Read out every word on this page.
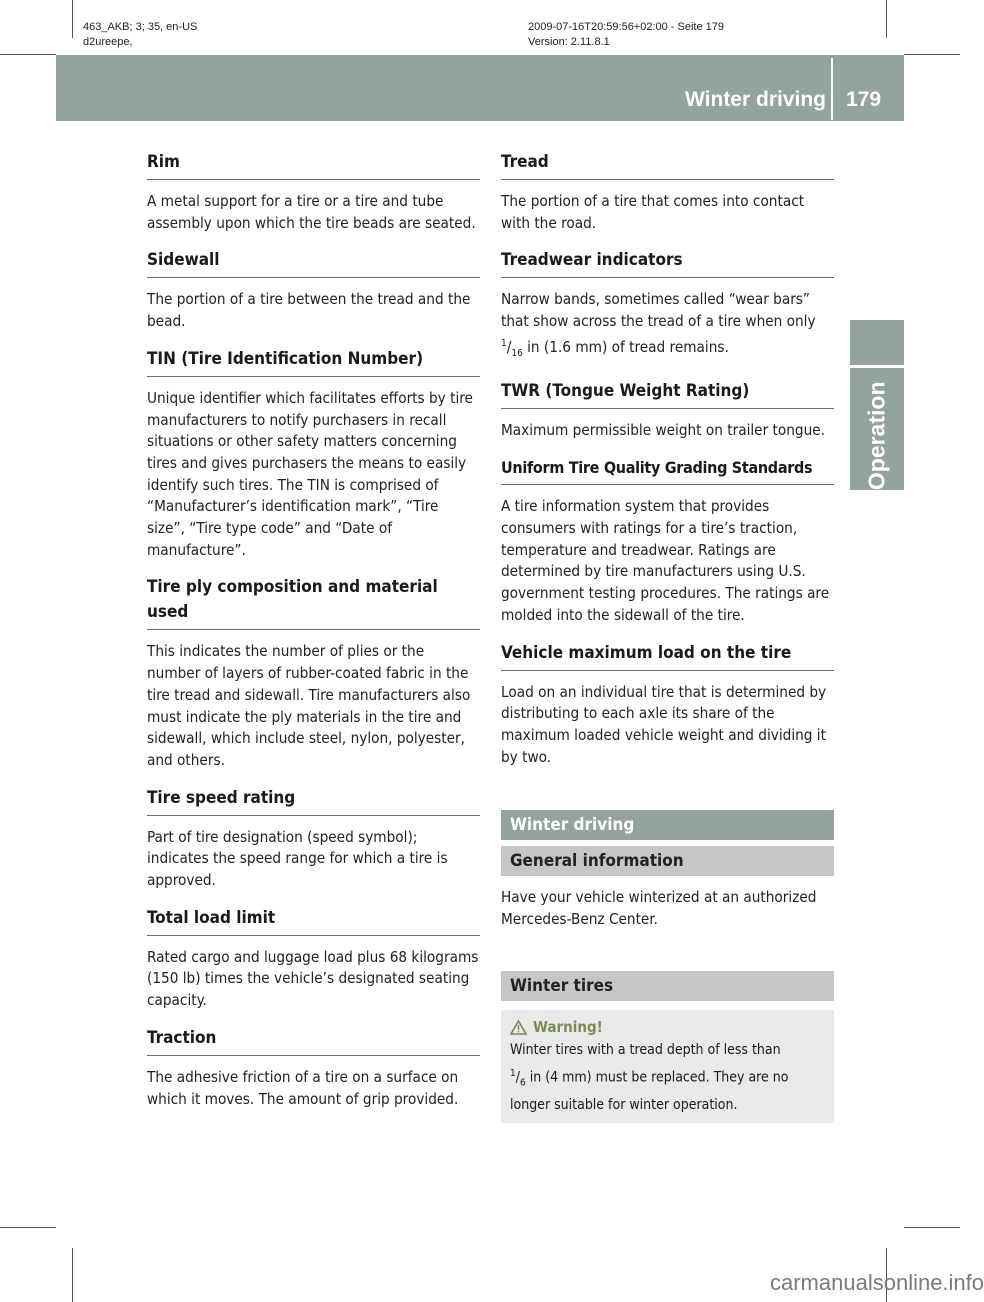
463_AKB; 3; 35, en-US
d2ureepe,
2009-07-16T20:59:56+02:00 - Seite 179
Version: 2.11.8.1
Winter driving 179
Operation
Rim

A metal support for a tire or a tire and tube assembly upon which the tire beads are seated.

Sidewall

The portion of a tire between the tread and the bead.

TIN (Tire Identification Number)

Unique identifier which facilitates efforts by tire manufacturers to notify purchasers in recall situations or other safety matters concerning tires and gives purchasers the means to easily identify such tires. The TIN is comprised of “Manufacturer’s identification mark”, “Tire size”, “Tire type code” and “Date of manufacture”.

Tire ply composition and material used

This indicates the number of plies or the number of layers of rubber-coated fabric in the tire tread and sidewall. Tire manufacturers also must indicate the ply materials in the tire and sidewall, which include steel, nylon, polyester, and others.

Tire speed rating

Part of tire designation (speed symbol); indicates the speed range for which a tire is approved.

Total load limit

Rated cargo and luggage load plus 68 kilograms (150 lb) times the vehicle’s designated seating capacity.

Traction

The adhesive friction of a tire on a surface on which it moves. The amount of grip provided.

Tread

The portion of a tire that comes into contact with the road.

Treadwear indicators

Narrow bands, sometimes called “wear bars” that show across the tread of a tire when only $^1/_{16}$ in (1.6 mm) of tread remains.

TWR (Tongue Weight Rating)

Maximum permissible weight on trailer tongue.

Uniform Tire Quality Grading Standards

A tire information system that provides consumers with ratings for a tire’s traction, temperature and treadwear. Ratings are determined by tire manufacturers using U.S. government testing procedures. The ratings are molded into the sidewall of the tire.

Vehicle maximum load on the tire

Load on an individual tire that is determined by distributing to each axle its share of the maximum loaded vehicle weight and dividing it by two.

Winter driving
General information

Have your vehicle winterized at an authorized Mercedes-Benz Center.

Winter tires
Warning!
Winter tires with a tread depth of less than
$^1/_6$ in (4 mm) must be replaced. They are no longer suitable for winter operation.
carmanualsonline.info
